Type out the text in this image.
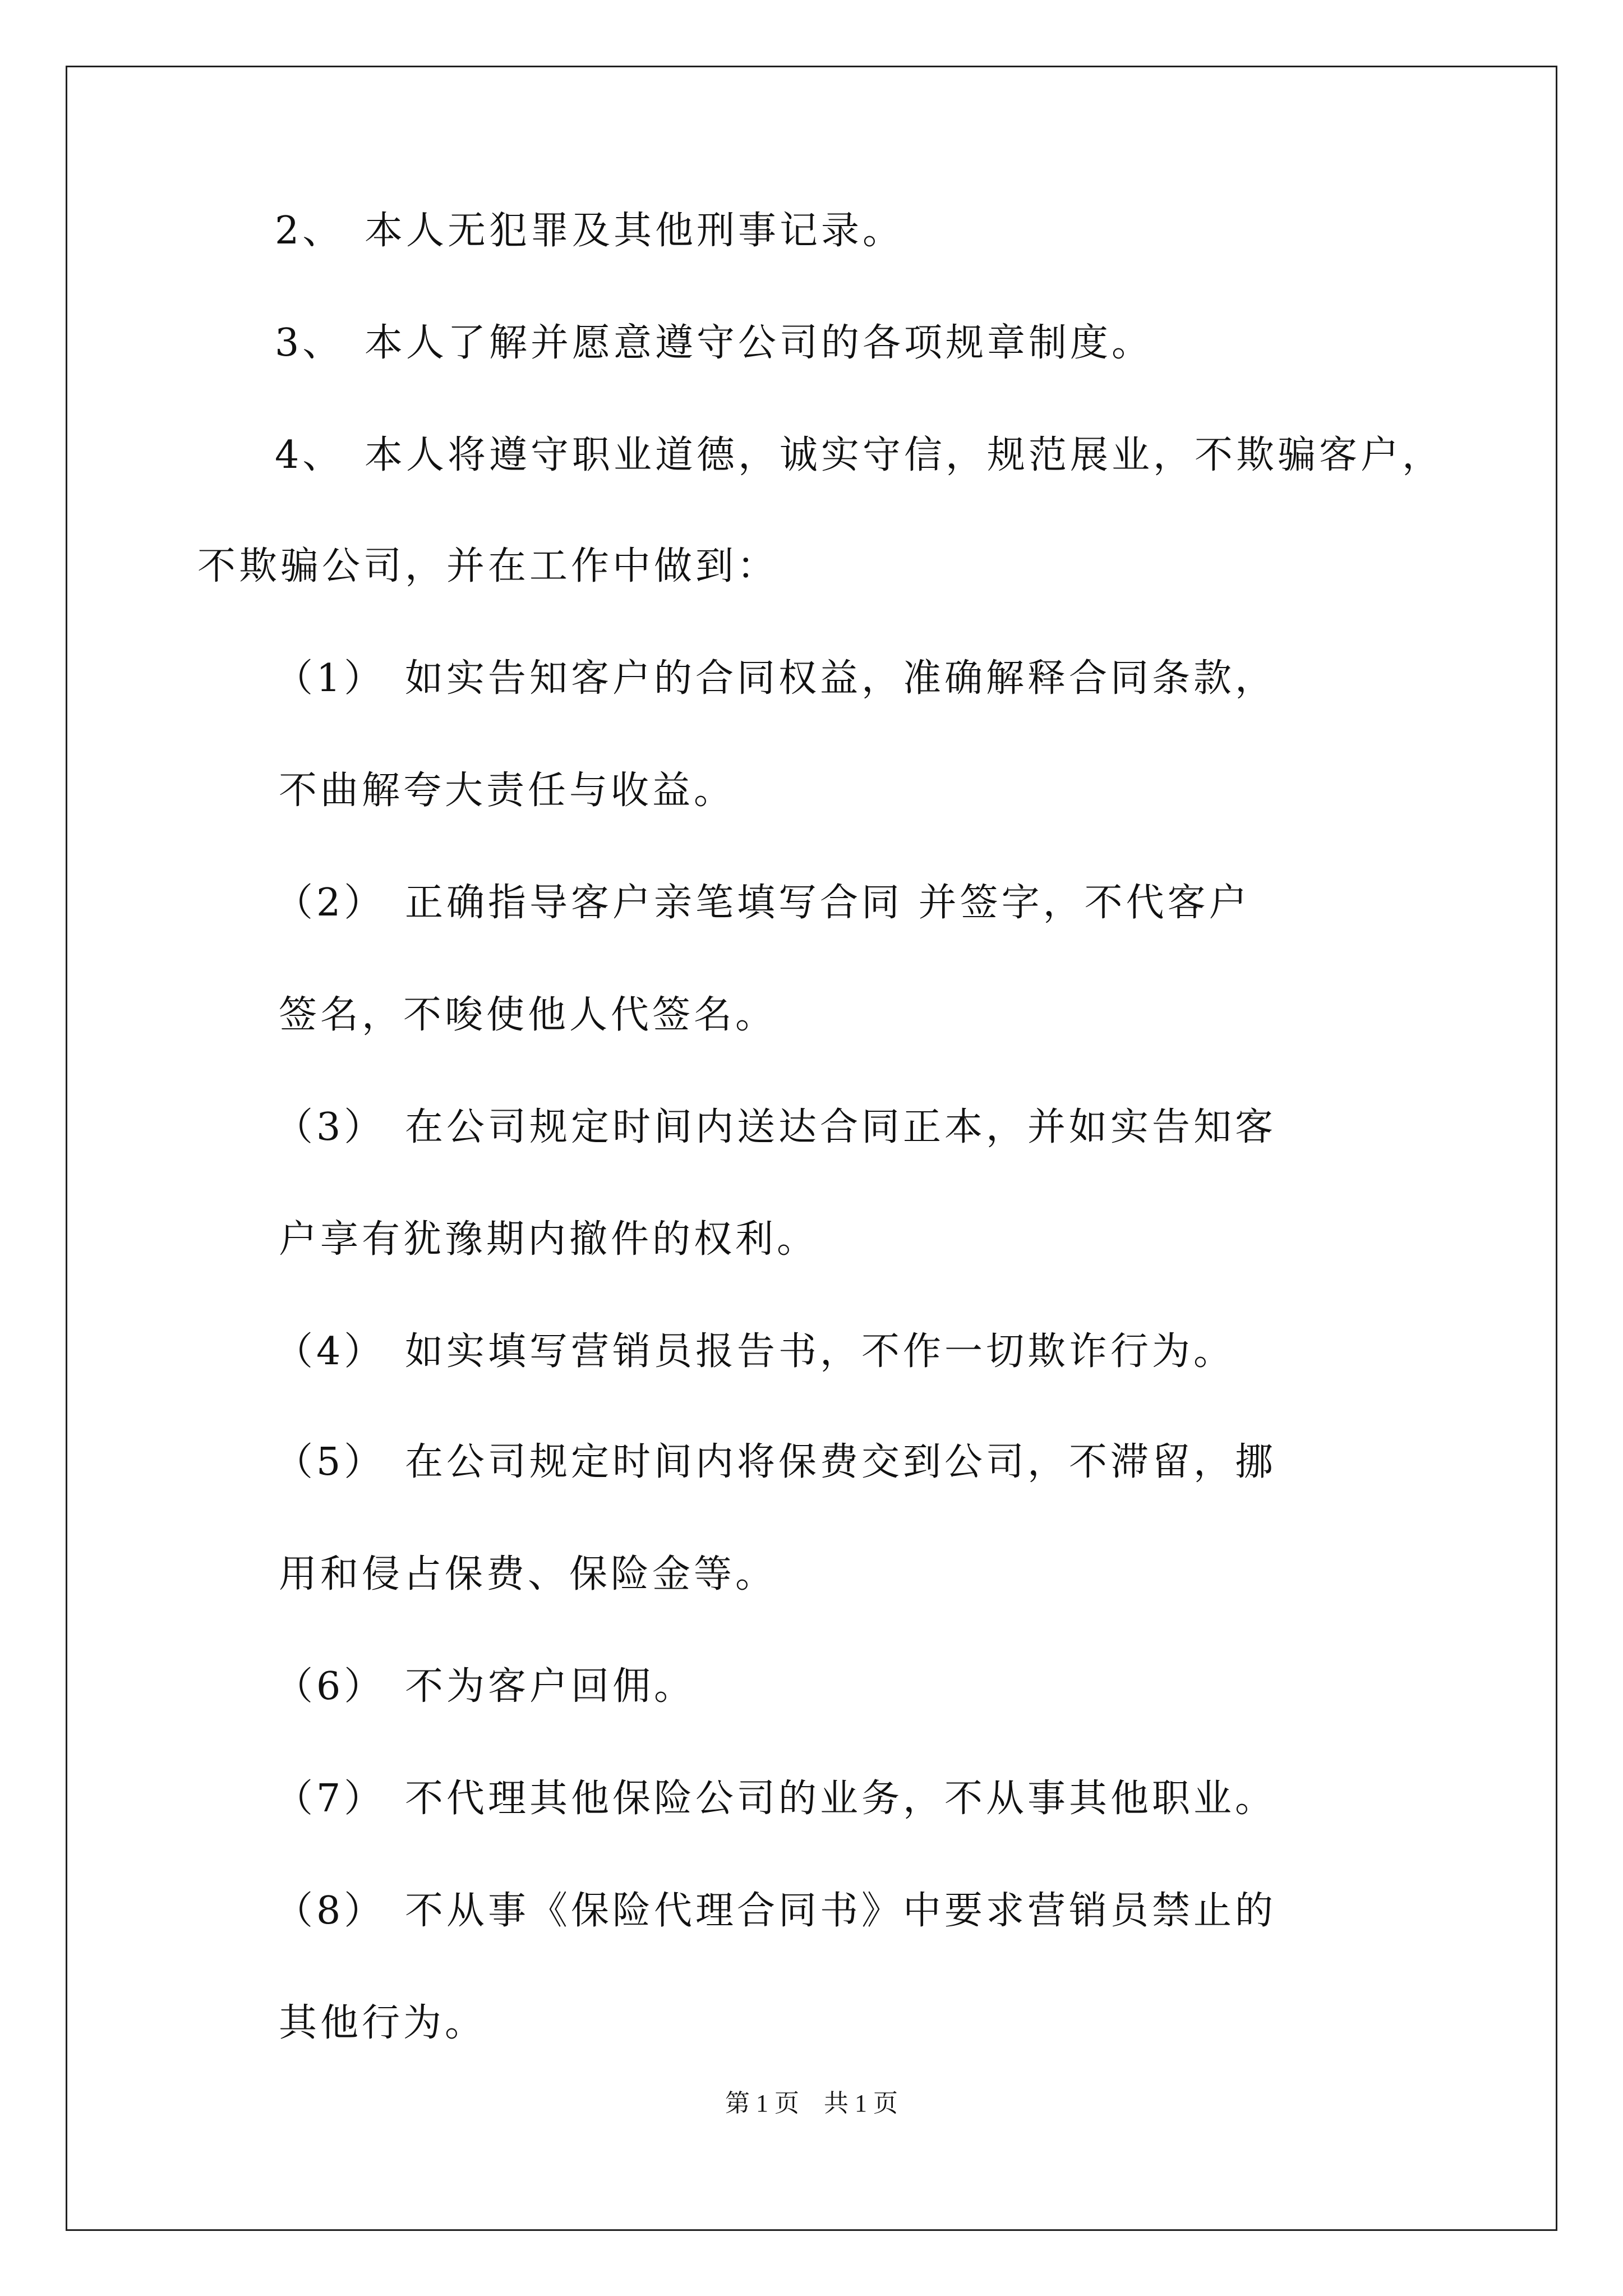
2、 本人无犯罪及其他刑事记录。
3、 本人了解并愿意遵守公司的各项规章制度。
4、 本人将遵守职业道德，诚实守信，规范展业，不欺骗客户，
不欺骗公司，并在工作中做到：
（1） 如实告知客户的合同权益，准确解释合同条款，
不曲解夸大责任与收益。
（2） 正确指导客户亲笔填写合同 并签字，不代客户
签名，不唆使他人代签名。
（3） 在公司规定时间内送达合同正本，并如实告知客
户享有犹豫期内撤件的权利。
（4） 如实填写营销员报告书，不作一切欺诈行为。
（5） 在公司规定时间内将保费交到公司，不滞留，挪
用和侵占保费、保险金等。
（6） 不为客户回佣。
（7） 不代理其他保险公司的业务，不从事其他职业。
（8） 不从事《保险代理合同书》中要求营销员禁止的
其他行为。
第 1 页　共 1 页
